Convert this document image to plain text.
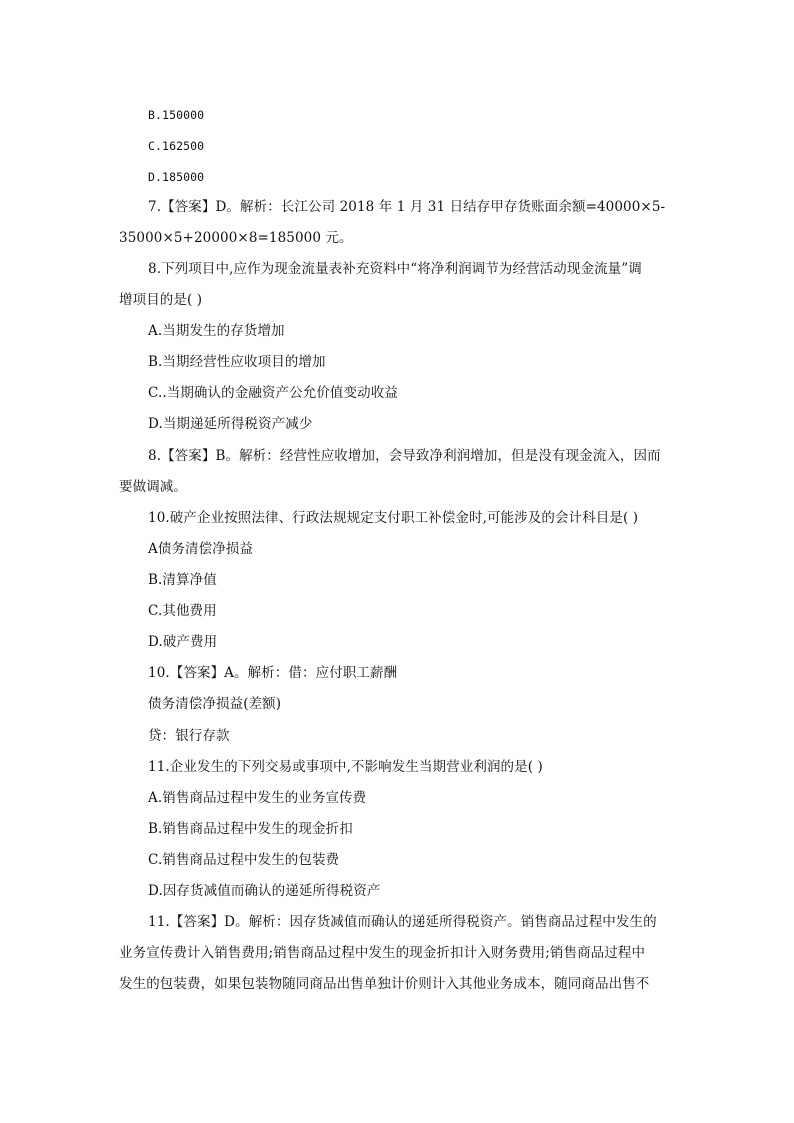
B.150000
C.162500
D.185000
7.【答案】D。解析：长江公司 2018 年 1 月 31 日结存甲存货账面余额=40000×5-
35000×5+20000×8=185000 元。
8.下列项目中,应作为现金流量表补充资料中“将净利润调节为经营活动现金流量”调
增项目的是( )
A.当期发生的存货增加
B.当期经营性应收项目的增加
C..当期确认的金融资产公允价值变动收益
D.当期递延所得税资产减少
8.【答案】B。解析：经营性应收增加，会导致净利润增加，但是没有现金流入，因而
要做调减。
10.破产企业按照法律、行政法规规定支付职工补偿金时,可能涉及的会计科目是( )
A债务清偿净损益
B.清算净值
C.其他费用
D.破产费用
10.【答案】A。解析：借：应付职工薪酬
债务清偿净损益(差额)
贷：银行存款
11.企业发生的下列交易或事项中,不影响发生当期营业利润的是( )
A.销售商品过程中发生的业务宣传费
B.销售商品过程中发生的现金折扣
C.销售商品过程中发生的包装费
D.因存货减值而确认的递延所得税资产
11.【答案】D。解析：因存货减值而确认的递延所得税资产。销售商品过程中发生的
业务宣传费计入销售费用;销售商品过程中发生的现金折扣计入财务费用;销售商品过程中
发生的包装费，如果包装物随同商品出售单独计价则计入其他业务成本，随同商品出售不
